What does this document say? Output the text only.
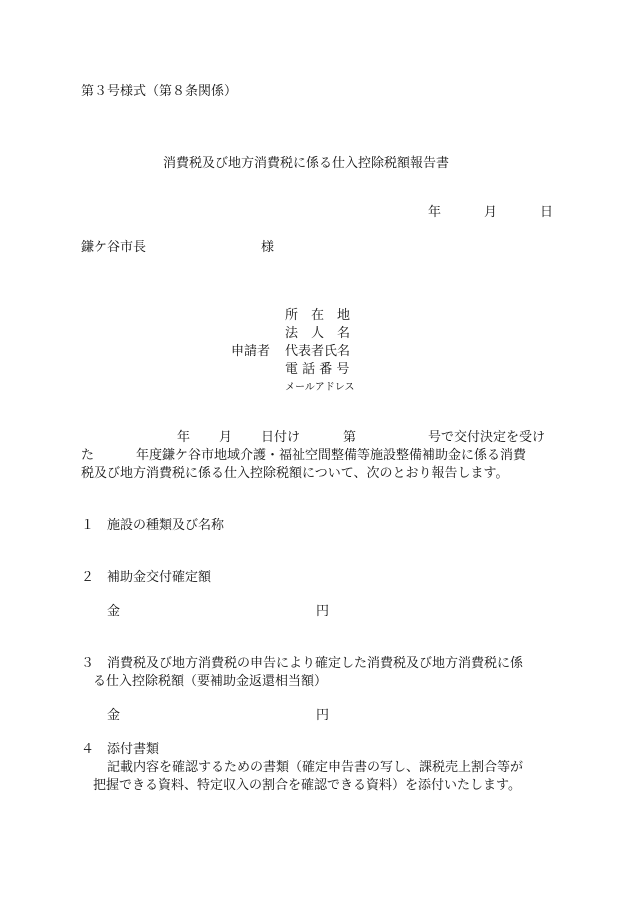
第３号様式（第８条関係）
消費税及び地方消費税に係る仕入控除税額報告書
年	月	日
鎌ケ谷市長	様
申請者
所　在　地
法　人　名
代表者氏名
電 話 番 号
メールアドレス
年 月 日付け	第	号で交付決定を受け
た	年度鎌ケ谷市地域介護・福祉空間整備等施設整備補助金に係る消費
税及び地方消費税に係る仕入控除税額について、次のとおり報告します。
１ 施設の種類及び名称
２ 補助金交付確定額
金	円
３ 消費税及び地方消費税の申告により確定した消費税及び地方消費税に係
る仕入控除税額（要補助金返還相当額）
金	円
４ 添付書類
記載内容を確認するための書類（確定申告書の写し、課税売上割合等が
把握できる資料、特定収入の割合を確認できる資料）を添付いたします。
